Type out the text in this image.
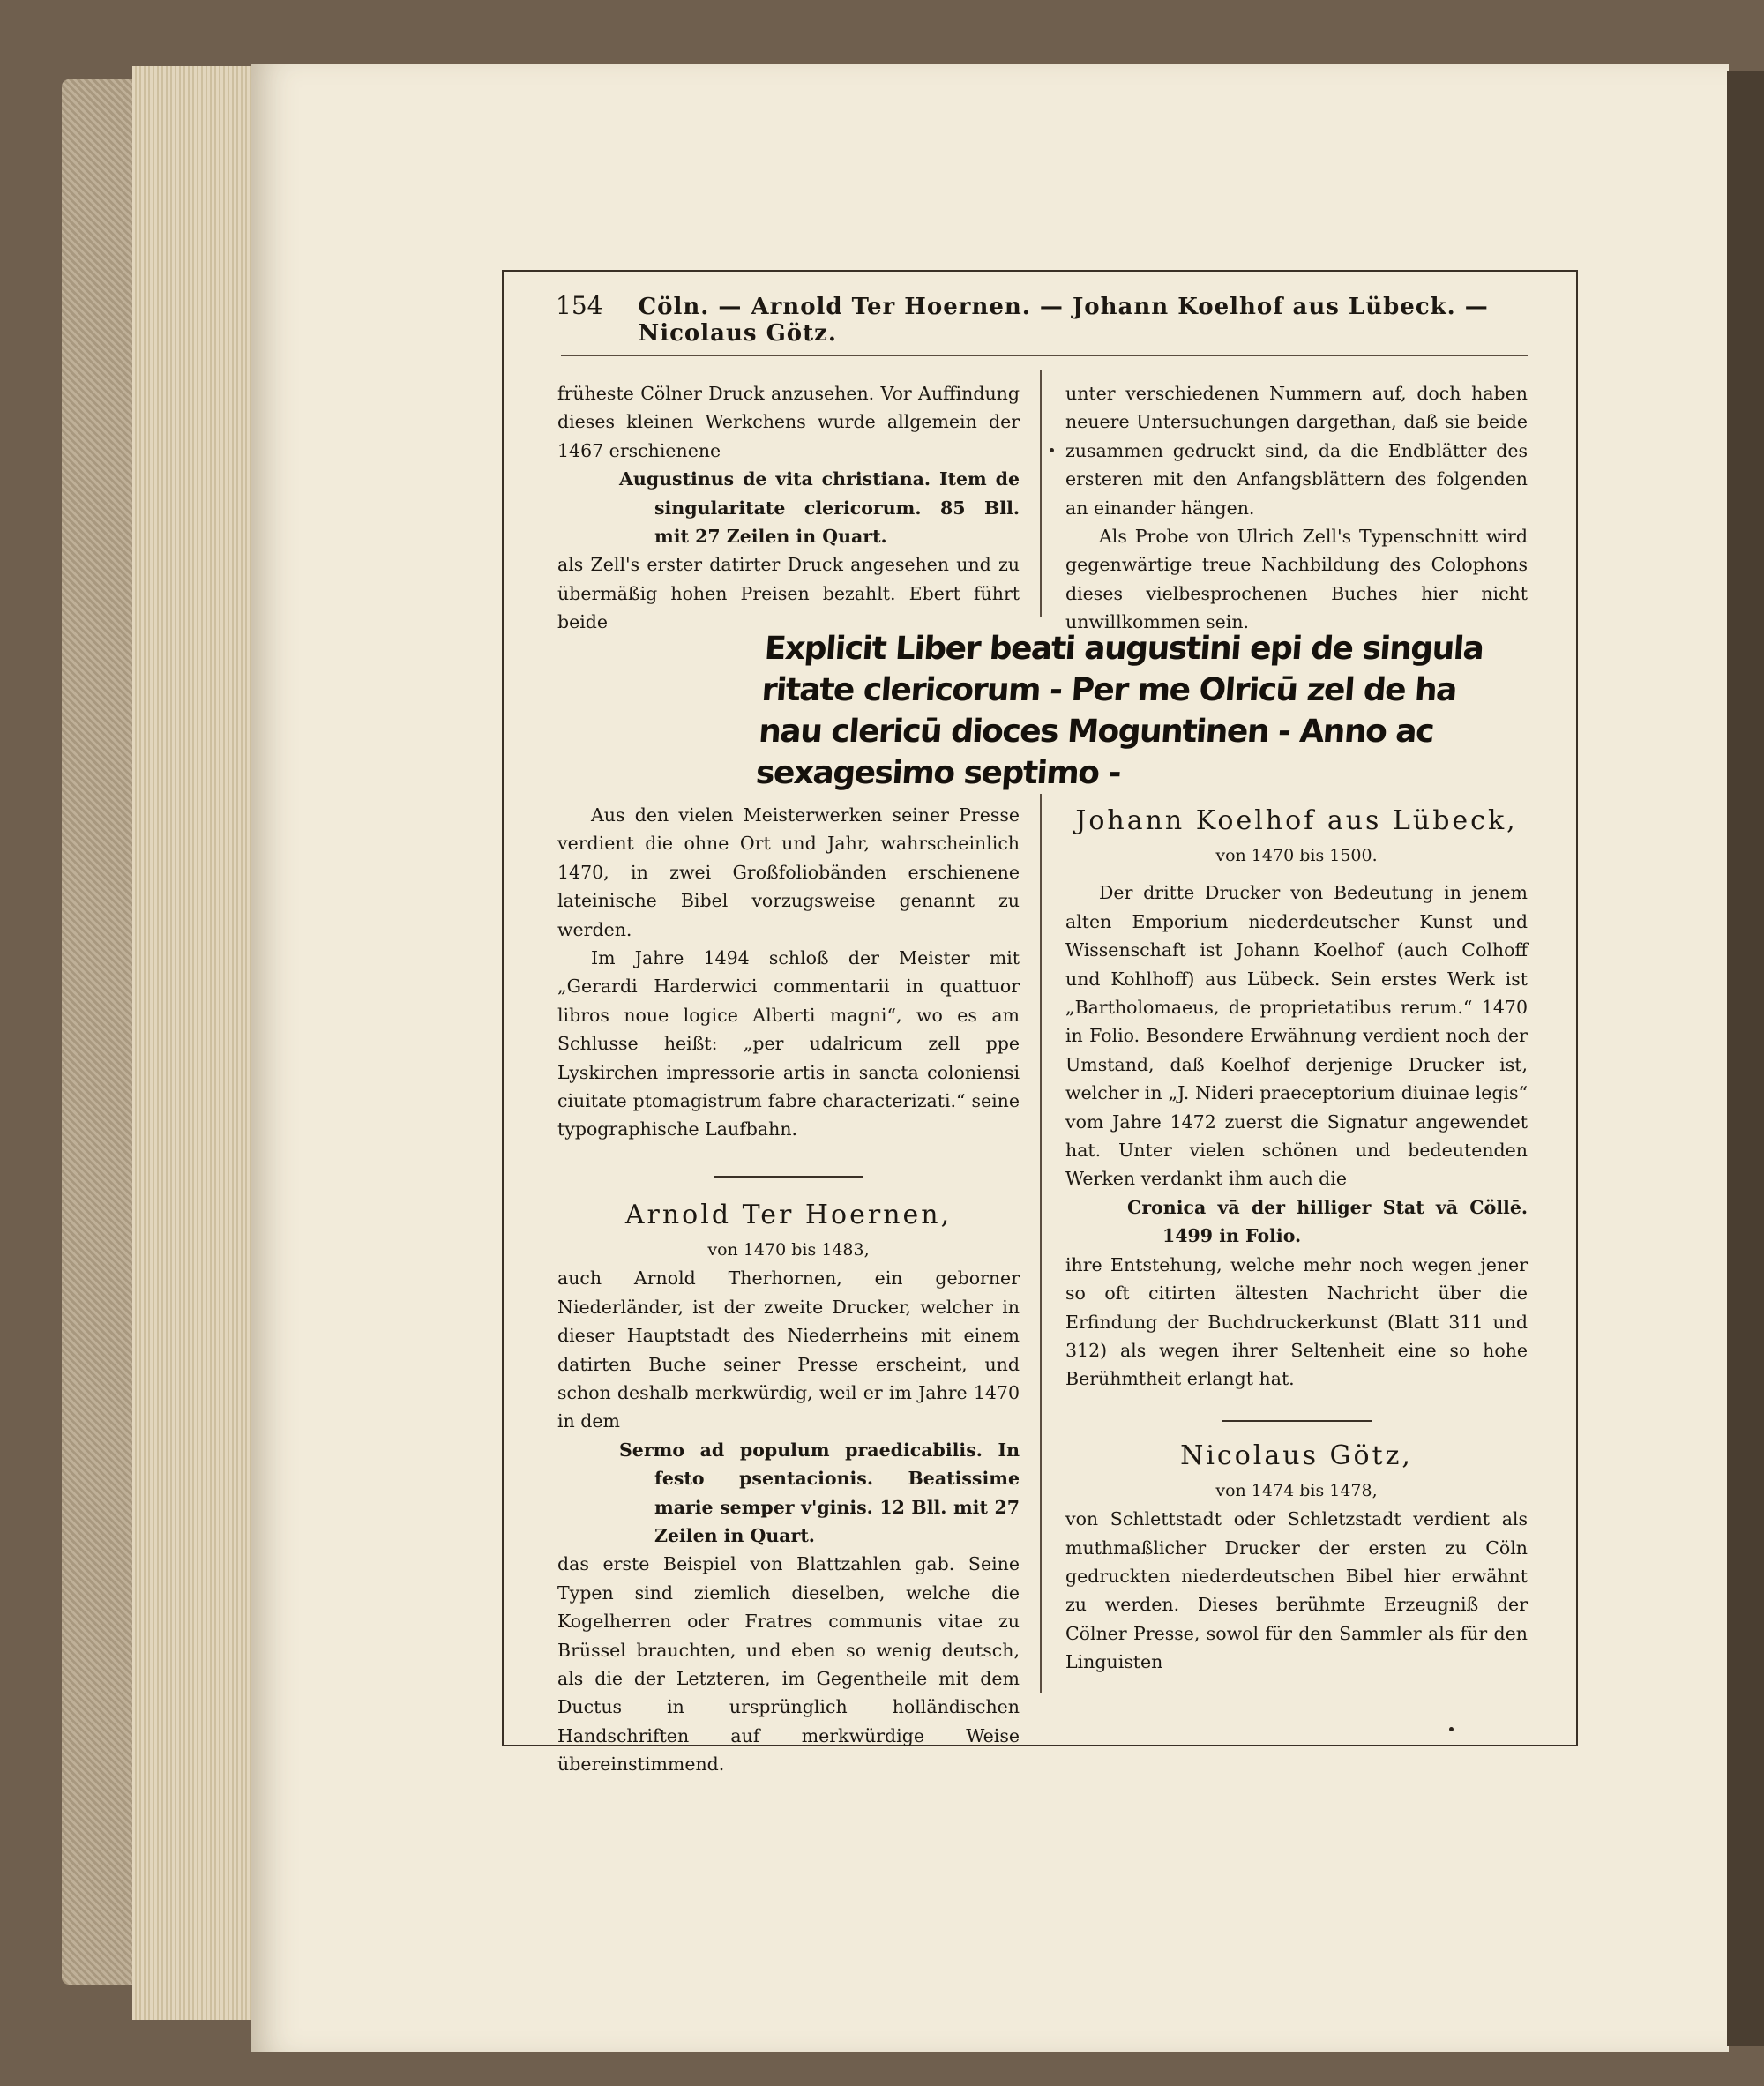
154 Cöln. — Arnold Ter Hoernen. — Johann Koelhof aus Lübeck. — Nicolaus Götz.

früheste Cölner Druck anzusehen. Vor Auffindung dieses kleinen Werkchens wurde allgemein der 1467 erschienene

Augustinus de vita christiana. Item de singularitate clericorum. 85 Bll. mit 27 Zeilen in Quart.

als Zell's erster datirter Druck angesehen und zu übermäßig hohen Preisen bezahlt. Ebert führt beide

unter verschiedenen Nummern auf, doch haben neuere Untersuchungen dargethan, daß sie beide zusammen gedruckt sind, da die Endblätter des ersteren mit den Anfangsblättern des folgenden an einander hängen.

Als Probe von Ulrich Zell's Typenschnitt wird gegenwärtige treue Nachbildung des Colophons dieses vielbesprochenen Buches hier nicht unwillkommen sein.

Explicit Liber beati augustini epi de singula
ritate clericorum - Per me Olricū zel de ha
nau clericū dioces Moguntinen - Anno ac
sexagesimo septimo -

Aus den vielen Meisterwerken seiner Presse verdient die ohne Ort und Jahr, wahrscheinlich 1470, in zwei Großfoliobänden erschienene lateinische Bibel vorzugsweise genannt zu werden.

Im Jahre 1494 schloß der Meister mit „Gerardi Harderwici commentarii in quattuor libros noue logice Alberti magni“, wo es am Schlusse heißt: „per udalricum zell ppe Lyskirchen impressorie artis in sancta coloniensi ciuitate ptomagistrum fabre characterizati.“ seine typographische Laufbahn.

Arnold Ter Hoernen,

von 1470 bis 1483,

auch Arnold Therhornen, ein geborner Niederländer, ist der zweite Drucker, welcher in dieser Hauptstadt des Niederrheins mit einem datirten Buche seiner Presse erscheint, und schon deshalb merkwürdig, weil er im Jahre 1470 in dem

Sermo ad populum praedicabilis. In festo psentacionis. Beatissime marie semper v'ginis. 12 Bll. mit 27 Zeilen in Quart.

das erste Beispiel von Blattzahlen gab. Seine Typen sind ziemlich dieselben, welche die Kogelherren oder Fratres communis vitae zu Brüssel brauchten, und eben so wenig deutsch, als die der Letzteren, im Gegentheile mit dem Ductus in ursprünglich holländischen Handschriften auf merkwürdige Weise übereinstimmend.

Johann Koelhof aus Lübeck,

von 1470 bis 1500.

Der dritte Drucker von Bedeutung in jenem alten Emporium niederdeutscher Kunst und Wissenschaft ist Johann Koelhof (auch Colhoff und Kohlhoff) aus Lübeck. Sein erstes Werk ist „Bartholomaeus, de proprietatibus rerum.“ 1470 in Folio. Besondere Erwähnung verdient noch der Umstand, daß Koelhof derjenige Drucker ist, welcher in „J. Nideri praeceptorium diuinae legis“ vom Jahre 1472 zuerst die Signatur angewendet hat. Unter vielen schönen und bedeutenden Werken verdankt ihm auch die

Cronica vā der hilliger Stat vā Cöllē. 1499 in Folio.

ihre Entstehung, welche mehr noch wegen jener so oft citirten ältesten Nachricht über die Erfindung der Buchdruckerkunst (Blatt 311 und 312) als wegen ihrer Seltenheit eine so hohe Berühmtheit erlangt hat.

Nicolaus Götz,

von 1474 bis 1478,

von Schlettstadt oder Schletzstadt verdient als muthmaßlicher Drucker der ersten zu Cöln gedruckten niederdeutschen Bibel hier erwähnt zu werden. Dieses berühmte Erzeugniß der Cölner Presse, sowol für den Sammler als für den Linguisten
